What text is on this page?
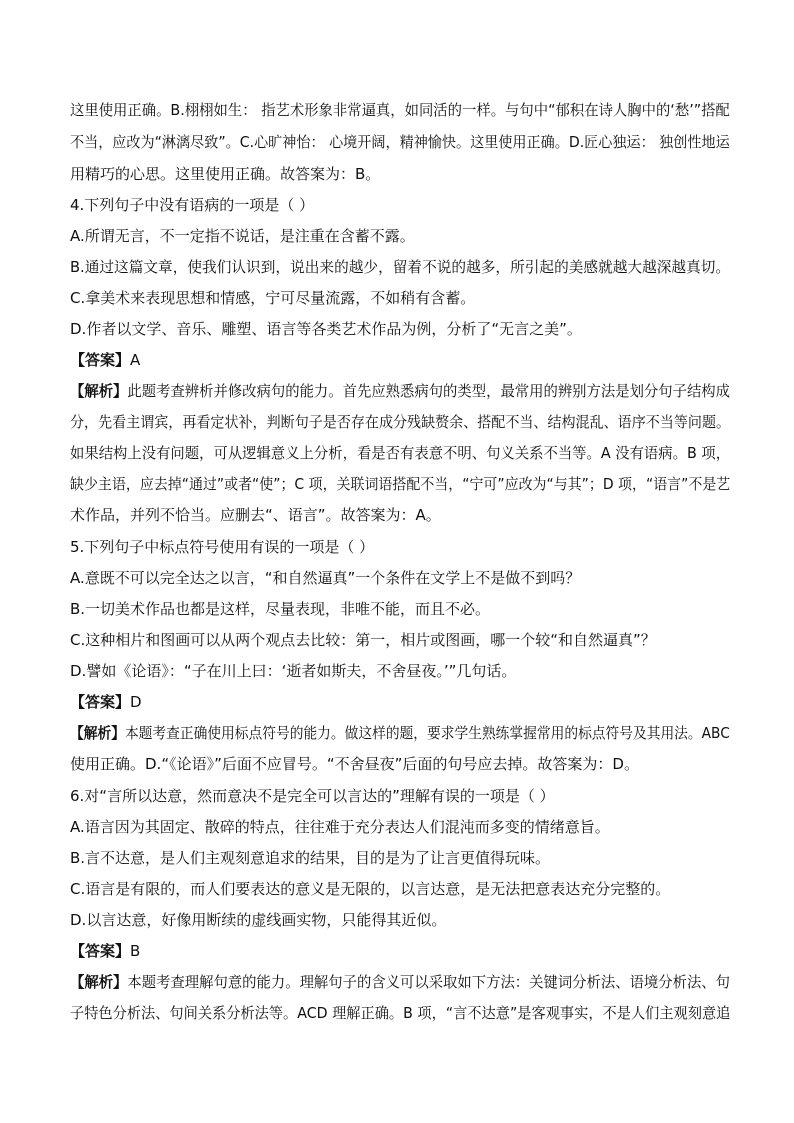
这里使用正确。B.栩栩如生： 指艺术形象非常逼真，如同活的一样。与句中“郁积在诗人胸中的‘愁’”搭配
不当，应改为“淋漓尽致”。C.心旷神怡： 心境开阔，精神愉快。这里使用正确。D.匠心独运： 独创性地运
用精巧的心思。这里使用正确。故答案为：B。
4.下列句子中没有语病的一项是（ ）
A.所谓无言，不一定指不说话，是注重在含蓄不露。
B.通过这篇文章，使我们认识到，说出来的越少，留着不说的越多，所引起的美感就越大越深越真切。
C.拿美术来表现思想和情感，宁可尽量流露，不如稍有含蓄。
D.作者以文学、音乐、雕塑、语言等各类艺术作品为例，分析了“无言之美”。
【答案】A
【解析】此题考查辨析并修改病句的能力。首先应熟悉病句的类型，最常用的辨别方法是划分句子结构成
分，先看主谓宾，再看定状补，判断句子是否存在成分残缺赘余、搭配不当、结构混乱、语序不当等问题。
如果结构上没有问题，可从逻辑意义上分析，看是否有表意不明、句义关系不当等。A 没有语病。B 项，
缺少主语，应去掉“通过”或者“使”；C 项，关联词语搭配不当，“宁可”应改为“与其”；D 项，“语言”不是艺
术作品，并列不恰当。应删去“、语言”。故答案为：A。
5.下列句子中标点符号使用有误的一项是（ ）
A.意既不可以完全达之以言，“和自然逼真”一个条件在文学上不是做不到吗？
B.一切美术作品也都是这样，尽量表现，非唯不能，而且不必。
C.这种相片和图画可以从两个观点去比较：第一，相片或图画，哪一个较“和自然逼真”？
D.譬如《论语》：“子在川上曰：‘逝者如斯夫，不舍昼夜。’”几句话。
【答案】D
【解析】本题考查正确使用标点符号的能力。做这样的题，要求学生熟练掌握常用的标点符号及其用法。ABC
使用正确。D.“《论语》”后面不应冒号。“不舍昼夜”后面的句号应去掉。故答案为：D。
6.对“言所以达意，然而意决不是完全可以言达的”理解有误的一项是（ ）
A.语言因为其固定、散碎的特点，往往难于充分表达人们混沌而多变的情绪意旨。
B.言不达意，是人们主观刻意追求的结果，目的是为了让言更值得玩味。
C.语言是有限的，而人们要表达的意义是无限的，以言达意，是无法把意表达充分完整的。
D.以言达意，好像用断续的虚线画实物，只能得其近似。
【答案】B
【解析】本题考查理解句意的能力。理解句子的含义可以采取如下方法：关键词分析法、语境分析法、句
子特色分析法、句间关系分析法等。ACD 理解正确。B 项，“言不达意”是客观事实，不是人们主观刻意追
